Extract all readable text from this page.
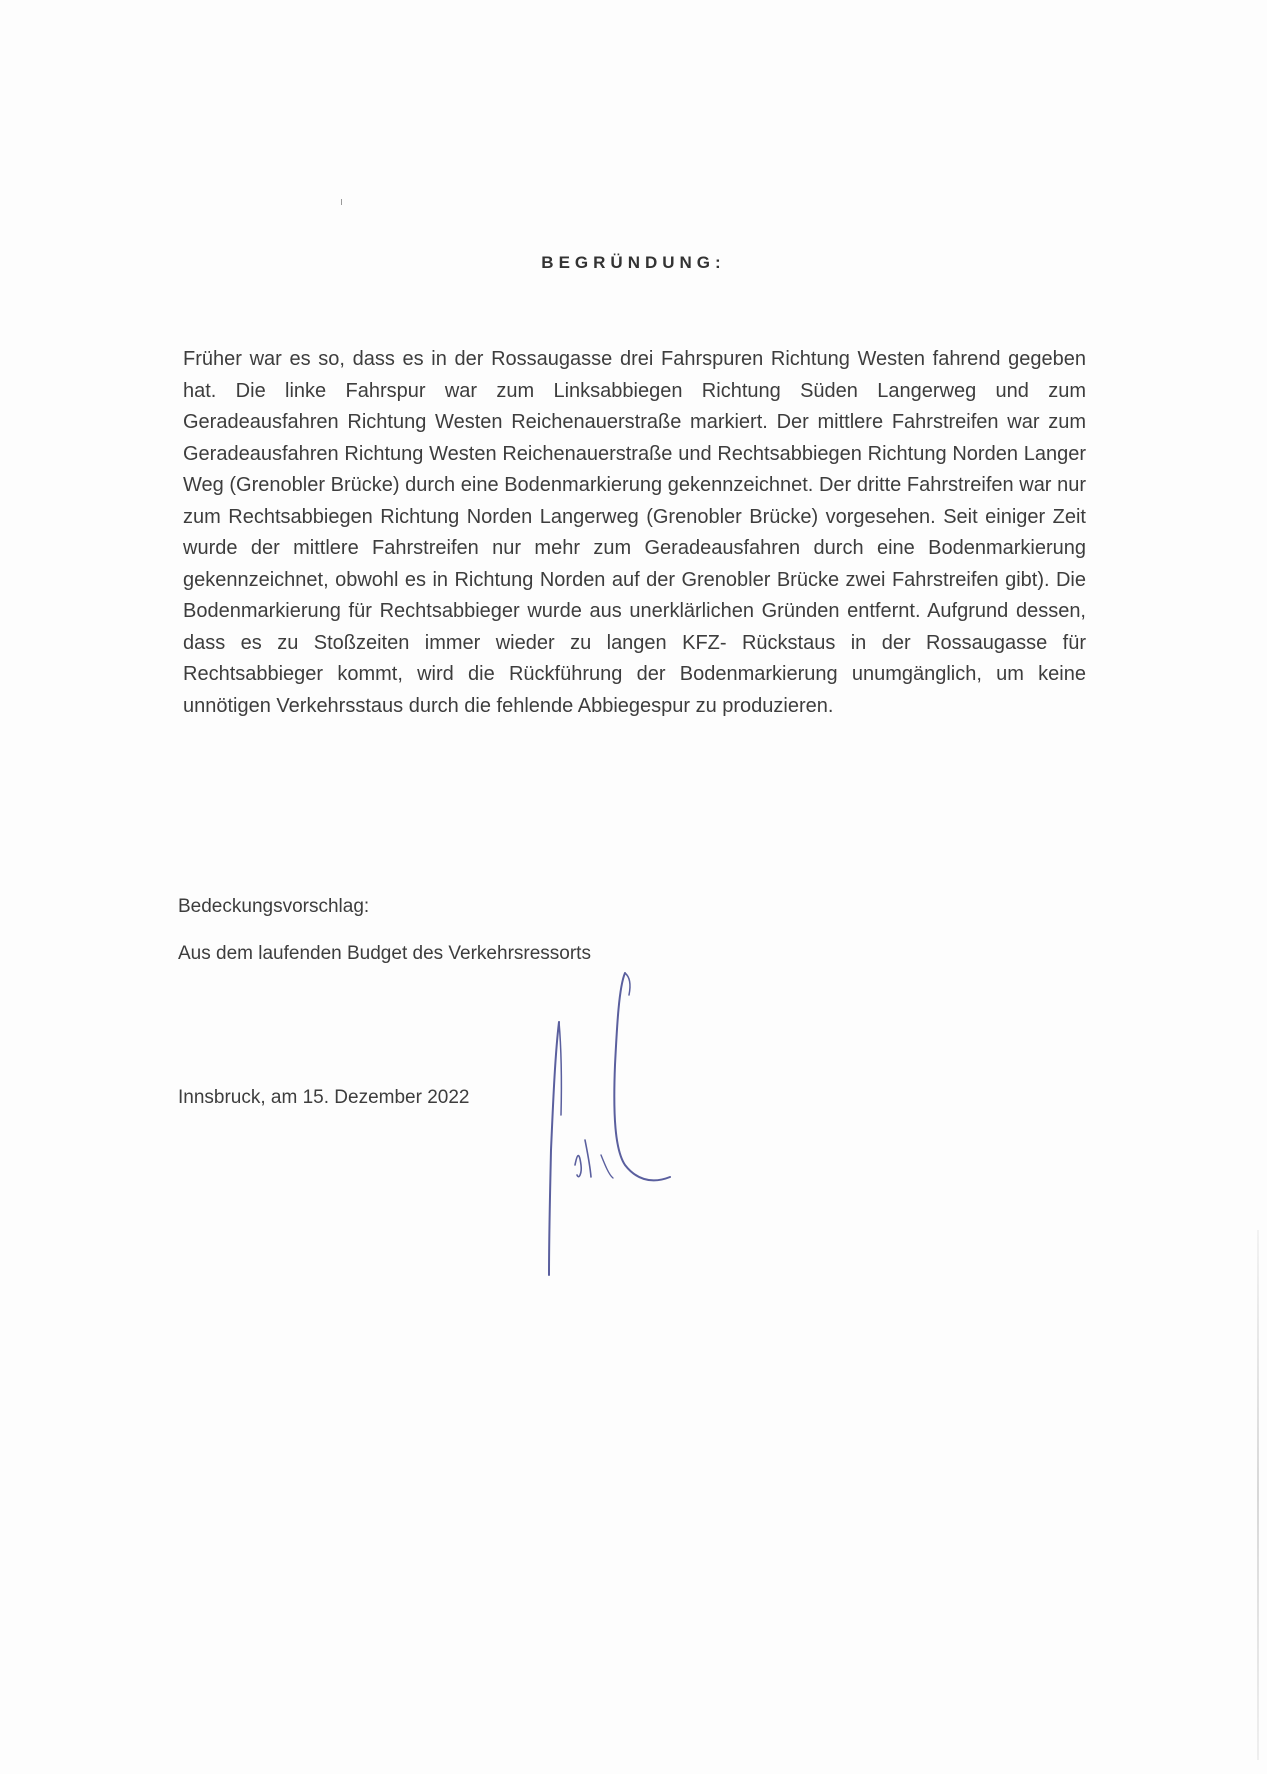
BEGRÜNDUNG:

Früher war es so, dass es in der Rossaugasse drei Fahrspuren Richtung Westen fahrend gegeben hat. Die linke Fahrspur war zum Linksabbiegen Richtung Süden Langerweg und zum Geradeausfahren Richtung Westen Reichenauerstraße markiert. Der mittlere Fahrstreifen war zum Geradeausfahren Richtung Westen Reichenauerstraße und Rechtsabbiegen Richtung Norden Langer Weg (Grenobler Brücke) durch eine Bodenmarkierung gekennzeichnet. Der dritte Fahrstreifen war nur zum Rechtsabbiegen Richtung Norden Langerweg (Grenobler Brücke) vorgesehen. Seit einiger Zeit wurde der mittlere Fahrstreifen nur mehr zum Geradeausfahren durch eine Bodenmarkierung gekennzeichnet, obwohl es in Richtung Norden auf der Grenobler Brücke zwei Fahrstreifen gibt). Die Bodenmarkierung für Rechtsabbieger wurde aus unerklärlichen Gründen entfernt. Aufgrund dessen, dass es zu Stoßzeiten immer wieder zu langen KFZ- Rückstaus in der Rossaugasse für Rechtsabbieger kommt, wird die Rückführung der Bodenmarkierung unumgänglich, um keine unnötigen Verkehrsstaus durch die fehlende Abbiegespur zu produzieren.

Bedeckungsvorschlag:

Aus dem laufenden Budget des Verkehrsressorts

Innsbruck, am 15. Dezember 2022
